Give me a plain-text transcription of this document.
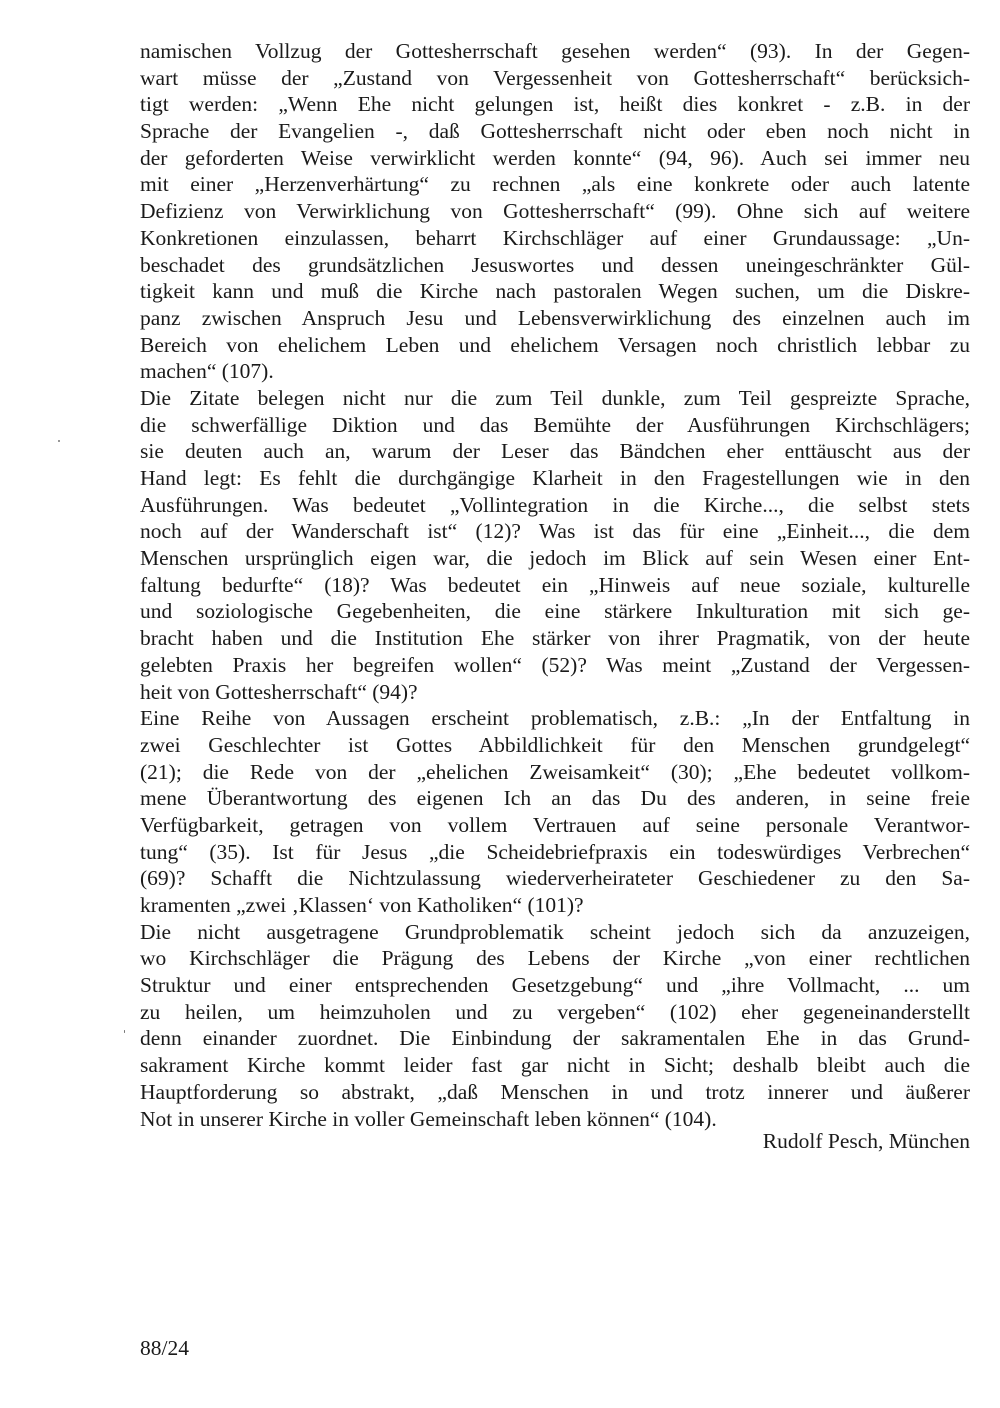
namischen Vollzug der Gottesherrschaft gesehen werden“ (93). In der Gegen-
wart müsse der „Zustand von Vergessenheit von Gottesherrschaft“ berücksich-
tigt werden: „Wenn Ehe nicht gelungen ist, heißt dies konkret - z.B. in der
Sprache der Evangelien -, daß Gottesherrschaft nicht oder eben noch nicht in
der geforderten Weise verwirklicht werden konnte“ (94, 96). Auch sei immer neu
mit einer „Herzenverhärtung“ zu rechnen „als eine konkrete oder auch latente
Defizienz von Verwirklichung von Gottesherrschaft“ (99). Ohne sich auf weitere
Konkretionen einzulassen, beharrt Kirchschläger auf einer Grundaussage: „Un-
beschadet des grundsätzlichen Jesuswortes und dessen uneingeschränkter Gül-
tigkeit kann und muß die Kirche nach pastoralen Wegen suchen, um die Diskre-
panz zwischen Anspruch Jesu und Lebensverwirklichung des einzelnen auch im
Bereich von ehelichem Leben und ehelichem Versagen noch christlich lebbar zu
machen“ (107).
Die Zitate belegen nicht nur die zum Teil dunkle, zum Teil gespreizte Sprache,
die schwerfällige Diktion und das Bemühte der Ausführungen Kirchschlägers;
sie deuten auch an, warum der Leser das Bändchen eher enttäuscht aus der
Hand legt: Es fehlt die durchgängige Klarheit in den Fragestellungen wie in den
Ausführungen. Was bedeutet „Vollintegration in die Kirche..., die selbst stets
noch auf der Wanderschaft ist“ (12)? Was ist das für eine „Einheit..., die dem
Menschen ursprünglich eigen war, die jedoch im Blick auf sein Wesen einer Ent-
faltung bedurfte“ (18)? Was bedeutet ein „Hinweis auf neue soziale, kulturelle
und soziologische Gegebenheiten, die eine stärkere Inkulturation mit sich ge-
bracht haben und die Institution Ehe stärker von ihrer Pragmatik, von der heute
gelebten Praxis her begreifen wollen“ (52)? Was meint „Zustand der Vergessen-
heit von Gottesherrschaft“ (94)?
Eine Reihe von Aussagen erscheint problematisch, z.B.: „In der Entfaltung in
zwei Geschlechter ist Gottes Abbildlichkeit für den Menschen grundgelegt“
(21); die Rede von der „ehelichen Zweisamkeit“ (30); „Ehe bedeutet vollkom-
mene Überantwortung des eigenen Ich an das Du des anderen, in seine freie
Verfügbarkeit, getragen von vollem Vertrauen auf seine personale Verantwor-
tung“ (35). Ist für Jesus „die Scheidebriefpraxis ein todeswürdiges Verbrechen“
(69)? Schafft die Nichtzulassung wiederverheirateter Geschiedener zu den Sa-
kramenten „zwei ‚Klassen‘ von Katholiken“ (101)?
Die nicht ausgetragene Grundproblematik scheint jedoch sich da anzuzeigen,
wo Kirchschläger die Prägung des Lebens der Kirche „von einer rechtlichen
Struktur und einer entsprechenden Gesetzgebung“ und „ihre Vollmacht, ... um
zu heilen, um heimzuholen und zu vergeben“ (102) eher gegeneinanderstellt
denn einander zuordnet. Die Einbindung der sakramentalen Ehe in das Grund-
sakrament Kirche kommt leider fast gar nicht in Sicht; deshalb bleibt auch die
Hauptforderung so abstrakt, „daß Menschen in und trotz innerer und äußerer
Not in unserer Kirche in voller Gemeinschaft leben können“ (104).
Rudolf Pesch, München
88/24
